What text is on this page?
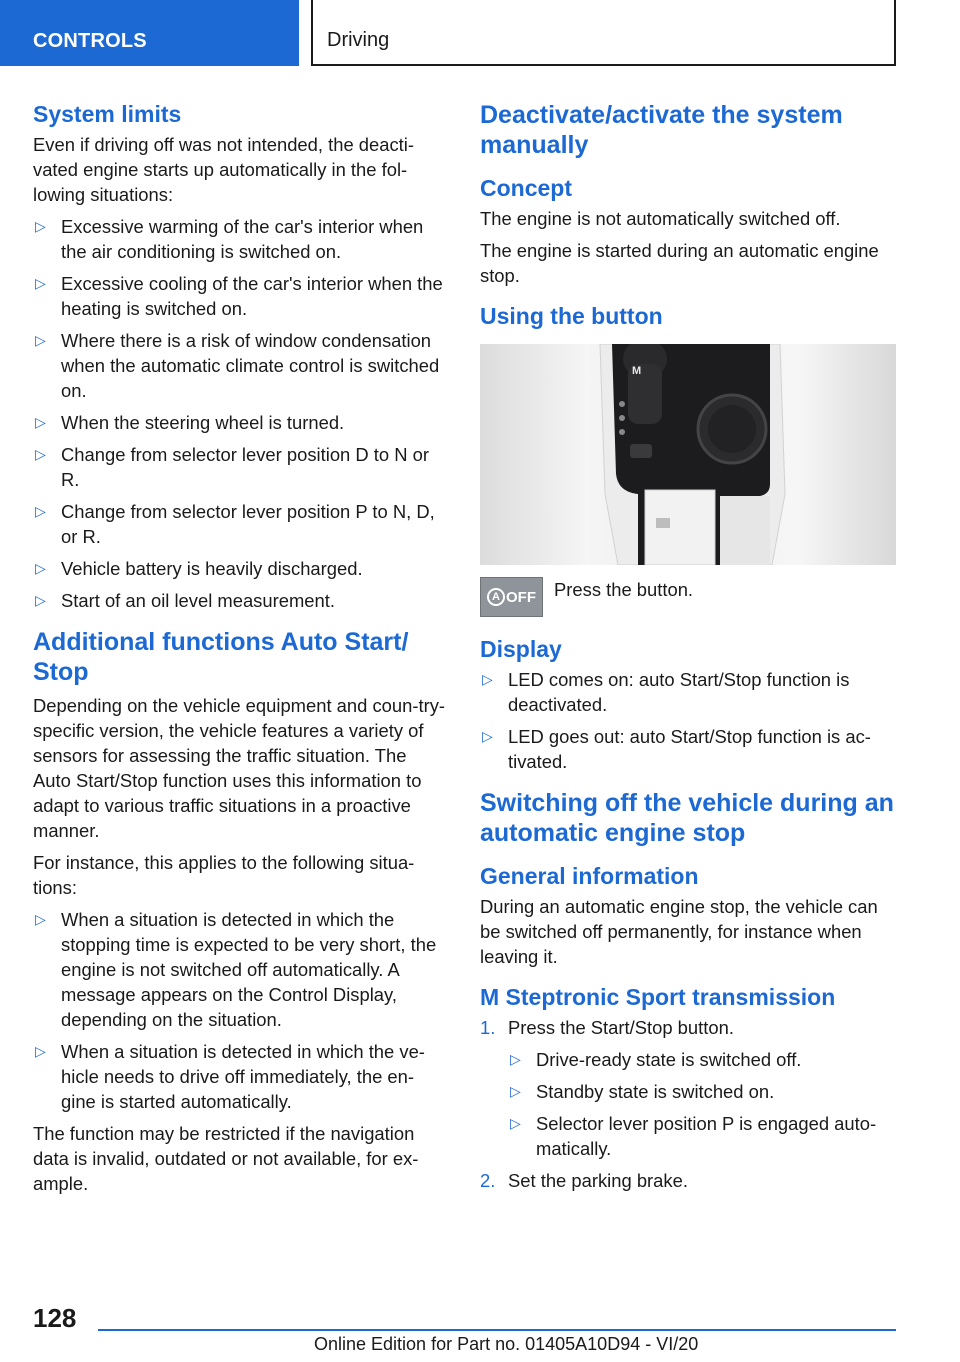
CONTROLS	Driving
System limits

Even if driving off was not intended, the deacti-vated engine starts up automatically in the fol-lowing situations:

▷ Excessive warming of the car's interior when the air conditioning is switched on.
▷ Excessive cooling of the car's interior when the heating is switched on.
▷ Where there is a risk of window condensation when the automatic climate control is switched on.
▷ When the steering wheel is turned.
▷ Change from selector lever position D to N or R.
▷ Change from selector lever position P to N, D, or R.
▷ Vehicle battery is heavily discharged.
▷ Start of an oil level measurement.
Additional functions Auto Start/ Stop

Depending on the vehicle equipment and coun-try-specific version, the vehicle features a variety of sensors for assessing the traffic situation. The Auto Start/Stop function uses this information to adapt to various traffic situations in a proactive manner.

For instance, this applies to the following situa-tions:

▷ When a situation is detected in which the stopping time is expected to be very short, the engine is not switched off automatically. A message appears on the Control Display, depending on the situation.
▷ When a situation is detected in which the ve-hicle needs to drive off immediately, the en-gine is started automatically.

The function may be restricted if the navigation data is invalid, outdated or not available, for ex-ample.

Deactivate/activate the system manually
Concept

The engine is not automatically switched off.

The engine is started during an automatic engine stop.

Using the button
M
A OFF Press the button.

Display
▷ LED comes on: auto Start/Stop function is deactivated.
▷ LED goes out: auto Start/Stop function is ac-tivated.
Switching off the vehicle during an automatic engine stop
General information

During an automatic engine stop, the vehicle can be switched off permanently, for instance when leaving it.

M Steptronic Sport transmission
1. Press the Start/Stop button.
▷ Drive-ready state is switched off.
▷ Standby state is switched on.
▷ Selector lever position P is engaged auto-matically.
2. Set the parking brake.
128
Online Edition for Part no. 01405A10D94 - VI/20
